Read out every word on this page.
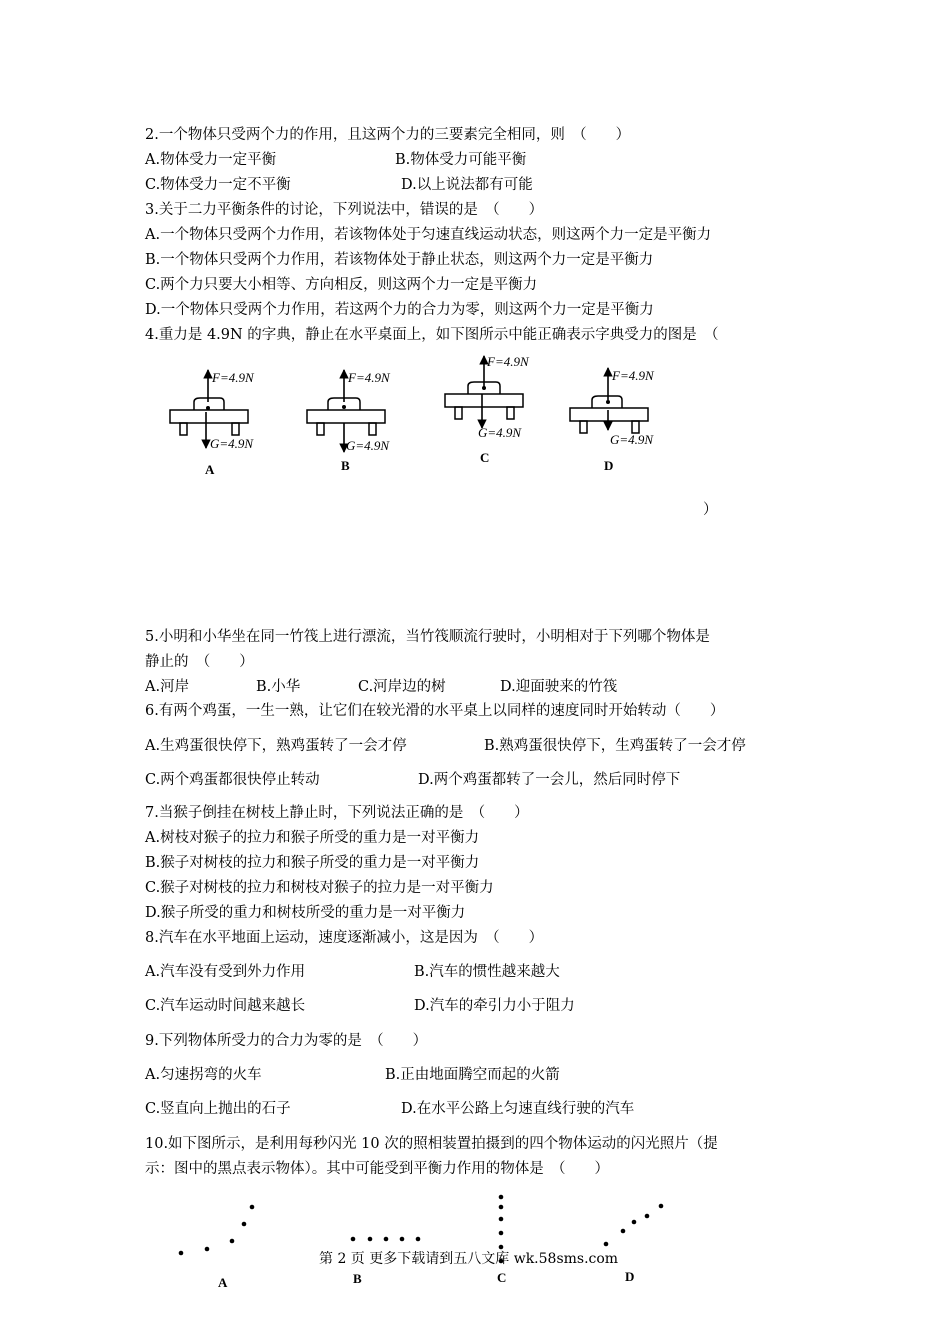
2.一个物体只受两个力的作用，且这两个力的三要素完全相同，则　（　　）
A.物体受力一定平衡	B.物体受力可能平衡
C.物体受力一定不平衡	D.以上说法都有可能
3.关于二力平衡条件的讨论，下列说法中，错误的是　（　　）
A.一个物体只受两个力作用，若该物体处于匀速直线运动状态，则这两个力一定是平衡力
B.一个物体只受两个力作用，若该物体处于静止状态，则这两个力一定是平衡力
C.两个力只要大小相等、方向相反，则这两个力一定是平衡力
D.一个物体只受两个力作用，若这两个力的合力为零，则这两个力一定是平衡力
4.重力是 4.9N 的字典，静止在水平桌面上，如下图所示中能正确表示字典受力的图是　（
F=4.9N
G=4.9N
F=4.9N
G=4.9N
F=4.9N
G=4.9N
F=4.9N
G=4.9N
A	B
C
D
）
5.小明和小华坐在同一竹筏上进行漂流，当竹筏顺流行驶时，小明相对于下列哪个物体是
静止的　（　　）
A.河岸	B.小华	C.河岸边的树	D.迎面驶来的竹筏
6.有两个鸡蛋，一生一熟，让它们在较光滑的水平桌上以同样的速度同时开始转动（　　）
A.生鸡蛋很快停下，熟鸡蛋转了一会才停	B.熟鸡蛋很快停下，生鸡蛋转了一会才停
C.两个鸡蛋都很快停止转动	D.两个鸡蛋都转了一会儿，然后同时停下
7.当猴子倒挂在树枝上静止时，下列说法正确的是　（　　）
A.树枝对猴子的拉力和猴子所受的重力是一对平衡力
B.猴子对树枝的拉力和猴子所受的重力是一对平衡力
C.猴子对树枝的拉力和树枝对猴子的拉力是一对平衡力
D.猴子所受的重力和树枝所受的重力是一对平衡力
8.汽车在水平地面上运动，速度逐渐减小，这是因为　（　　）
A.汽车没有受到外力作用	B.汽车的惯性越来越大
C.汽车运动时间越来越长	D.汽车的牵引力小于阻力
9.下列物体所受力的合力为零的是　（　　）
A.匀速拐弯的火车	B.正由地面腾空而起的火箭
C.竖直向上抛出的石子	D.在水平公路上匀速直线行驶的汽车
10.如下图所示，是利用每秒闪光 10 次的照相装置拍摄到的四个物体运动的闪光照片（提
示：图中的黑点表示物体）。其中可能受到平衡力作用的物体是　（　　）
A	B	C	D
第 2 页 更多下载请到五八文库 wk.58sms.com
